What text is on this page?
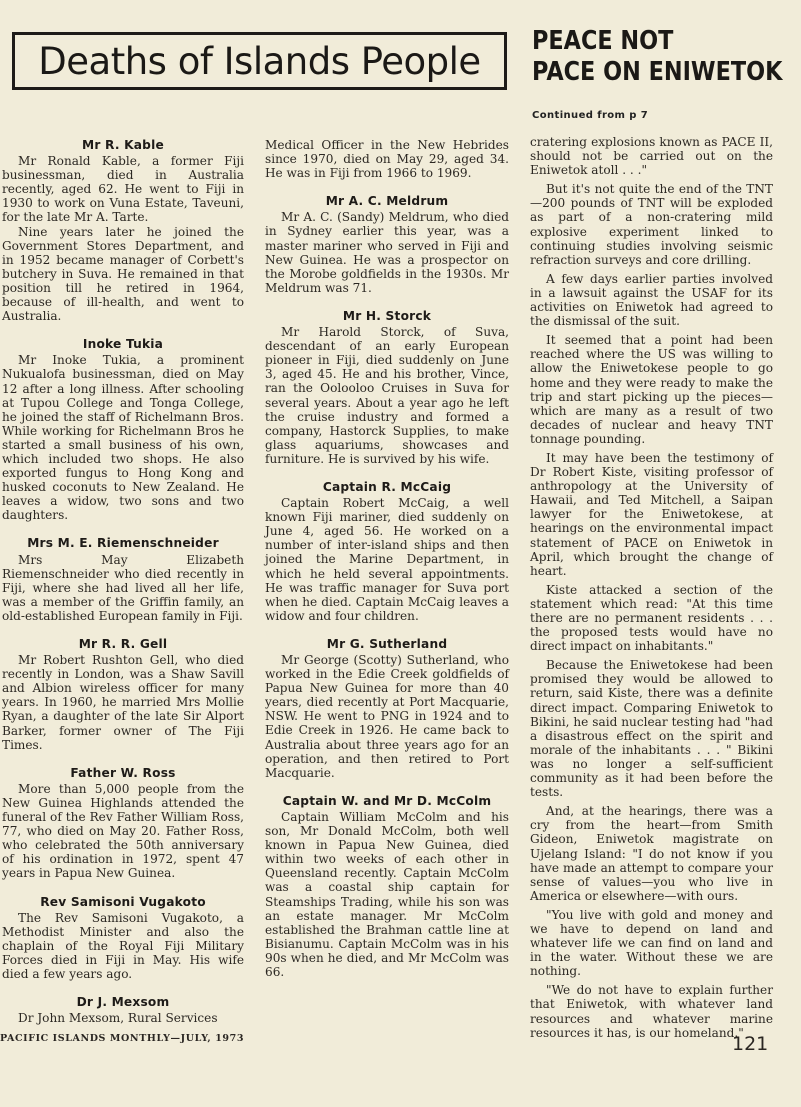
Deaths of Islands People PEACE NOT
PACE ON ENIWETOK
Continued from p 7
Mr R. Kable

Mr Ronald Kable, a former Fiji businessman, died in Australia recently, aged 62. He went to Fiji in 1930 to work on Vuna Estate, Taveuni, for the late Mr A. Tarte.

Nine years later he joined the Government Stores Department, and in 1952 became manager of Corbett's butchery in Suva. He remained in that position till he retired in 1964, because of ill-health, and went to Australia.

Inoke Tukia

Mr Inoke Tukia, a prominent Nukualofa businessman, died on May 12 after a long illness. After schooling at Tupou College and Tonga College, he joined the staff of Richelmann Bros. While working for Richelmann Bros he started a small business of his own, which included two shops. He also exported fungus to Hong Kong and husked coconuts to New Zealand. He leaves a widow, two sons and two daughters.

Mrs M. E. Riemenschneider

Mrs May Elizabeth Riemenschneider who died recently in Fiji, where she had lived all her life, was a member of the Griffin family, an old-established European family in Fiji.

Mr R. R. Gell

Mr Robert Rushton Gell, who died recently in London, was a Shaw Savill and Albion wireless officer for many years. In 1960, he married Mrs Mollie Ryan, a daughter of the late Sir Alport Barker, former owner of The Fiji Times.

Father W. Ross

More than 5,000 people from the New Guinea Highlands attended the funeral of the Rev Father William Ross, 77, who died on May 20. Father Ross, who celebrated the 50th anniversary of his ordination in 1972, spent 47 years in Papua New Guinea.

Rev Samisoni Vugakoto

The Rev Samisoni Vugakoto, a Methodist Minister and also the chaplain of the Royal Fiji Military Forces died in Fiji in May. His wife died a few years ago.

Dr J. Mexsom

Dr John Mexsom, Rural Services

Medical Officer in the New Hebrides since 1970, died on May 29, aged 34. He was in Fiji from 1966 to 1969.

Mr A. C. Meldrum

Mr A. C. (Sandy) Meldrum, who died in Sydney earlier this year, was a master mariner who served in Fiji and New Guinea. He was a prospector on the Morobe goldfields in the 1930s. Mr Meldrum was 71.

Mr H. Storck

Mr Harold Storck, of Suva, descendant of an early European pioneer in Fiji, died suddenly on June 3, aged 45. He and his brother, Vince, ran the Oolooloo Cruises in Suva for several years. About a year ago he left the cruise industry and formed a company, Hastorck Supplies, to make glass aquariums, showcases and furniture. He is survived by his wife.

Captain R. McCaig

Captain Robert McCaig, a well known Fiji mariner, died suddenly on June 4, aged 56. He worked on a number of inter-island ships and then joined the Marine Department, in which he held several appointments. He was traffic manager for Suva port when he died. Captain McCaig leaves a widow and four children.

Mr G. Sutherland

Mr George (Scotty) Sutherland, who worked in the Edie Creek goldfields of Papua New Guinea for more than 40 years, died recently at Port Macquarie, NSW. He went to PNG in 1924 and to Edie Creek in 1926. He came back to Australia about three years ago for an operation, and then retired to Port Macquarie.

Captain W. and Mr D. McColm

Captain William McColm and his son, Mr Donald McColm, both well known in Papua New Guinea, died within two weeks of each other in Queensland recently. Captain McColm was a coastal ship captain for Steamships Trading, while his son was an estate manager. Mr McColm established the Brahman cattle line at Bisianumu. Captain McColm was in his 90s when he died, and Mr McColm was 66.

cratering explosions known as PACE II, should not be carried out on the Eniwetok atoll . . ."

But it's not quite the end of the TNT—200 pounds of TNT will be exploded as part of a non-cratering mild explosive experiment linked to continuing studies involving seismic refraction surveys and core drilling.

A few days earlier parties involved in a lawsuit against the USAF for its activities on Eniwetok had agreed to the dismissal of the suit.

It seemed that a point had been reached where the US was willing to allow the Eniwetokese people to go home and they were ready to make the trip and start picking up the pieces—which are many as a result of two decades of nuclear and heavy TNT tonnage pounding.

It may have been the testimony of Dr Robert Kiste, visiting professor of anthropology at the University of Hawaii, and Ted Mitchell, a Saipan lawyer for the Eniwetokese, at hearings on the environmental impact statement of PACE on Eniwetok in April, which brought the change of heart.

Kiste attacked a section of the statement which read: "At this time there are no permanent residents . . . the proposed tests would have no direct impact on inhabitants."

Because the Eniwetokese had been promised they would be allowed to return, said Kiste, there was a definite direct impact. Comparing Eniwetok to Bikini, he said nuclear testing had "had a disastrous effect on the spirit and morale of the inhabitants . . . " Bikini was no longer a self-sufficient community as it had been before the tests.

And, at the hearings, there was a cry from the heart—from Smith Gideon, Eniwetok magistrate on Ujelang Island: "I do not know if you have made an attempt to compare your sense of values—you who live in America or elsewhere—with ours.

"You live with gold and money and we have to depend on land and whatever life we can find on land and in the water. Without these we are nothing.

"We do not have to explain further that Eniwetok, with whatever land resources and whatever marine resources it has, is our homeland."

PACIFIC ISLANDS MONTHLY—JULY, 1973	121
